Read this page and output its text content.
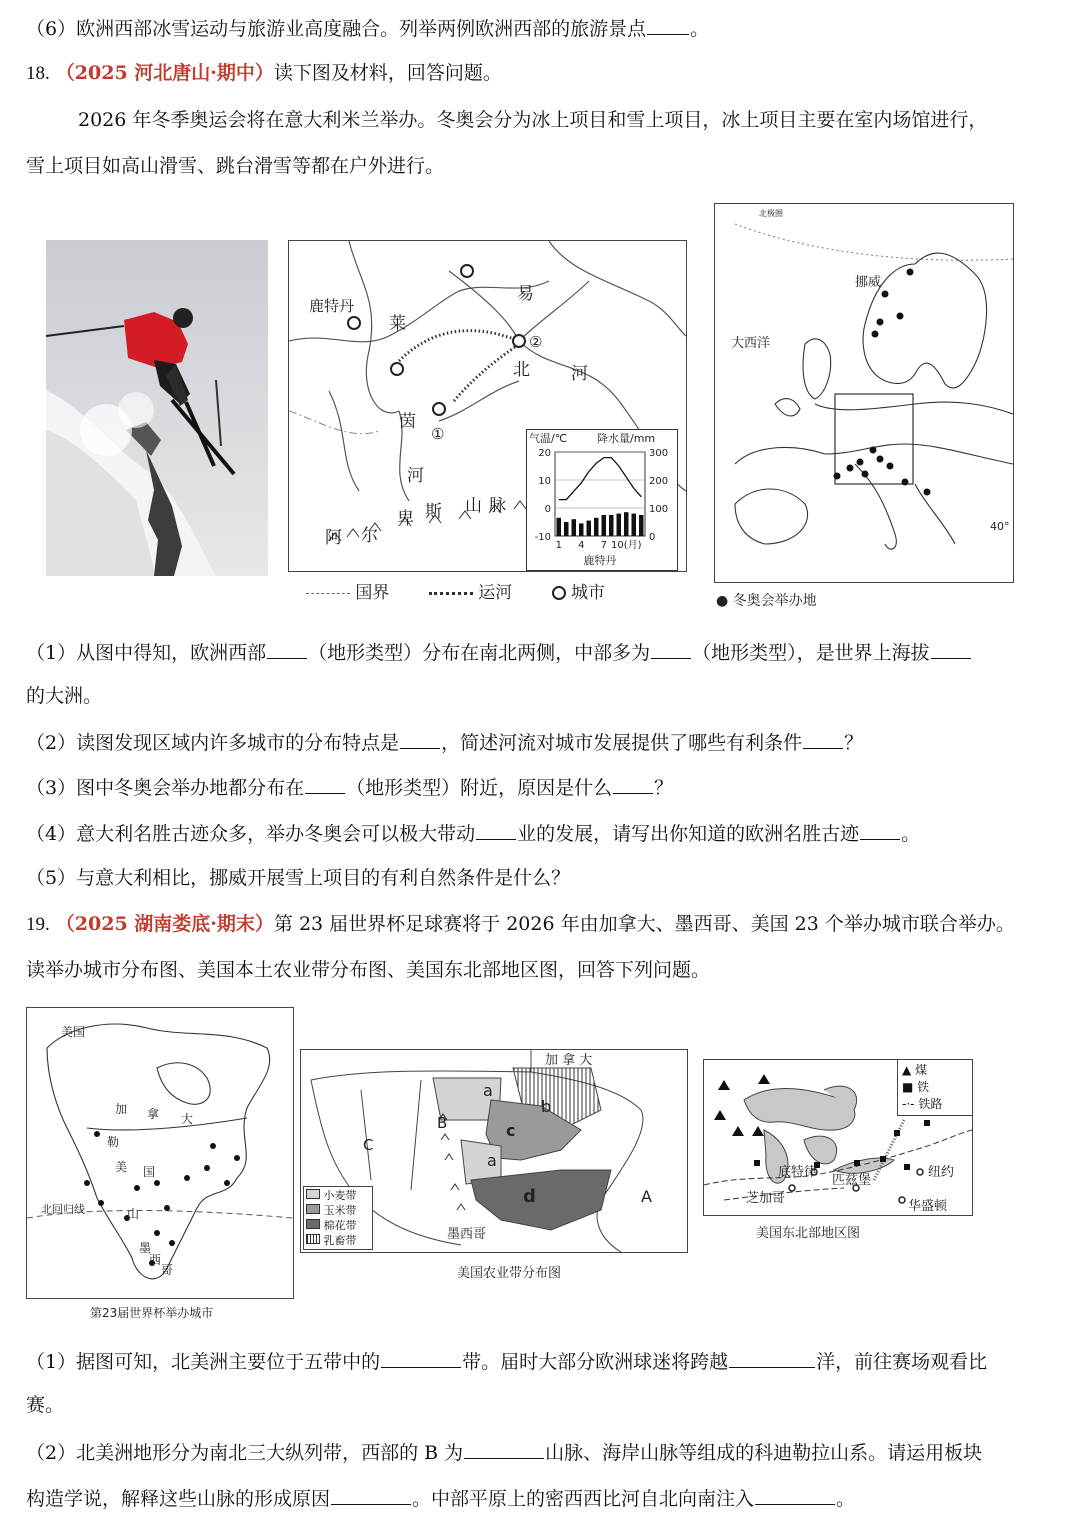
（6）欧洲西部冰雪运动与旅游业高度融合。列举两例欧洲西部的旅游景点 。
18. （2025 河北唐山·期中）读下图及材料，回答问题。
2026 年冬季奥运会将在意大利米兰举办。冬奥会分为冰上项目和雪上项目，冰上项目主要在室内场馆进行，
雪上项目如高山滑雪、跳台滑雪等都在户外进行。
鹿特丹
①
②
莱
茵
河
易
北 河
阿 尔
卑 斯 山 脉
气温/℃	降水量/mm
20
10
0
-10
300
200
100
0
1 4 7 10(月)
鹿特丹
国界	运河	城市
北极圈
大西洋
挪威
40°
● 冬奥会举办地
（1）从图中得知，欧洲西部 （地形类型）分布在南北两侧，中部多为 （地形类型），是世界上海拔
的大洲。
（2）读图发现区域内许多城市的分布特点是 ，简述河流对城市发展提供了哪些有利条件 ？
（3）图中冬奥会举办地都分布在 （地形类型）附近，原因是什么 ？
（4）意大利名胜古迹众多，举办冬奥会可以极大带动 业的发展，请写出你知道的欧洲名胜古迹 。
（5）与意大利相比，挪威开展雪上项目的有利自然条件是什么？
19. （2025 湖南娄底·期末）第 23 届世界杯足球赛将于 2026 年由加拿大、墨西哥、美国 23 个举办城市联合举办。
读举办城市分布图、美国本土农业带分布图、美国东北部地区图，回答下列问题。
美国
加 拿 大
美 国
墨
西
哥
北回归线
勒
山
第23届世界杯举办城市
加 拿 大
a
b
c
a
d	A
B
C
墨西哥
小麦带
玉米带
棉花带
乳畜带
美国农业带分布图
底特律
芝加哥
匹兹堡
纽约
华盛顿
▲ 煤
■ 铁
‑·‑ 铁路
美国东北部地区图
（1）据图可知，北美洲主要位于五带中的	带。届时大部分欧洲球迷将跨越	洋，前往赛场观看比
赛。
（2）北美洲地形分为南北三大纵列带，西部的 B 为	山脉、海岸山脉等组成的科迪勒拉山系。请运用板块
构造学说，解释这些山脉的形成原因	。中部平原上的密西西比河自北向南注入	。
